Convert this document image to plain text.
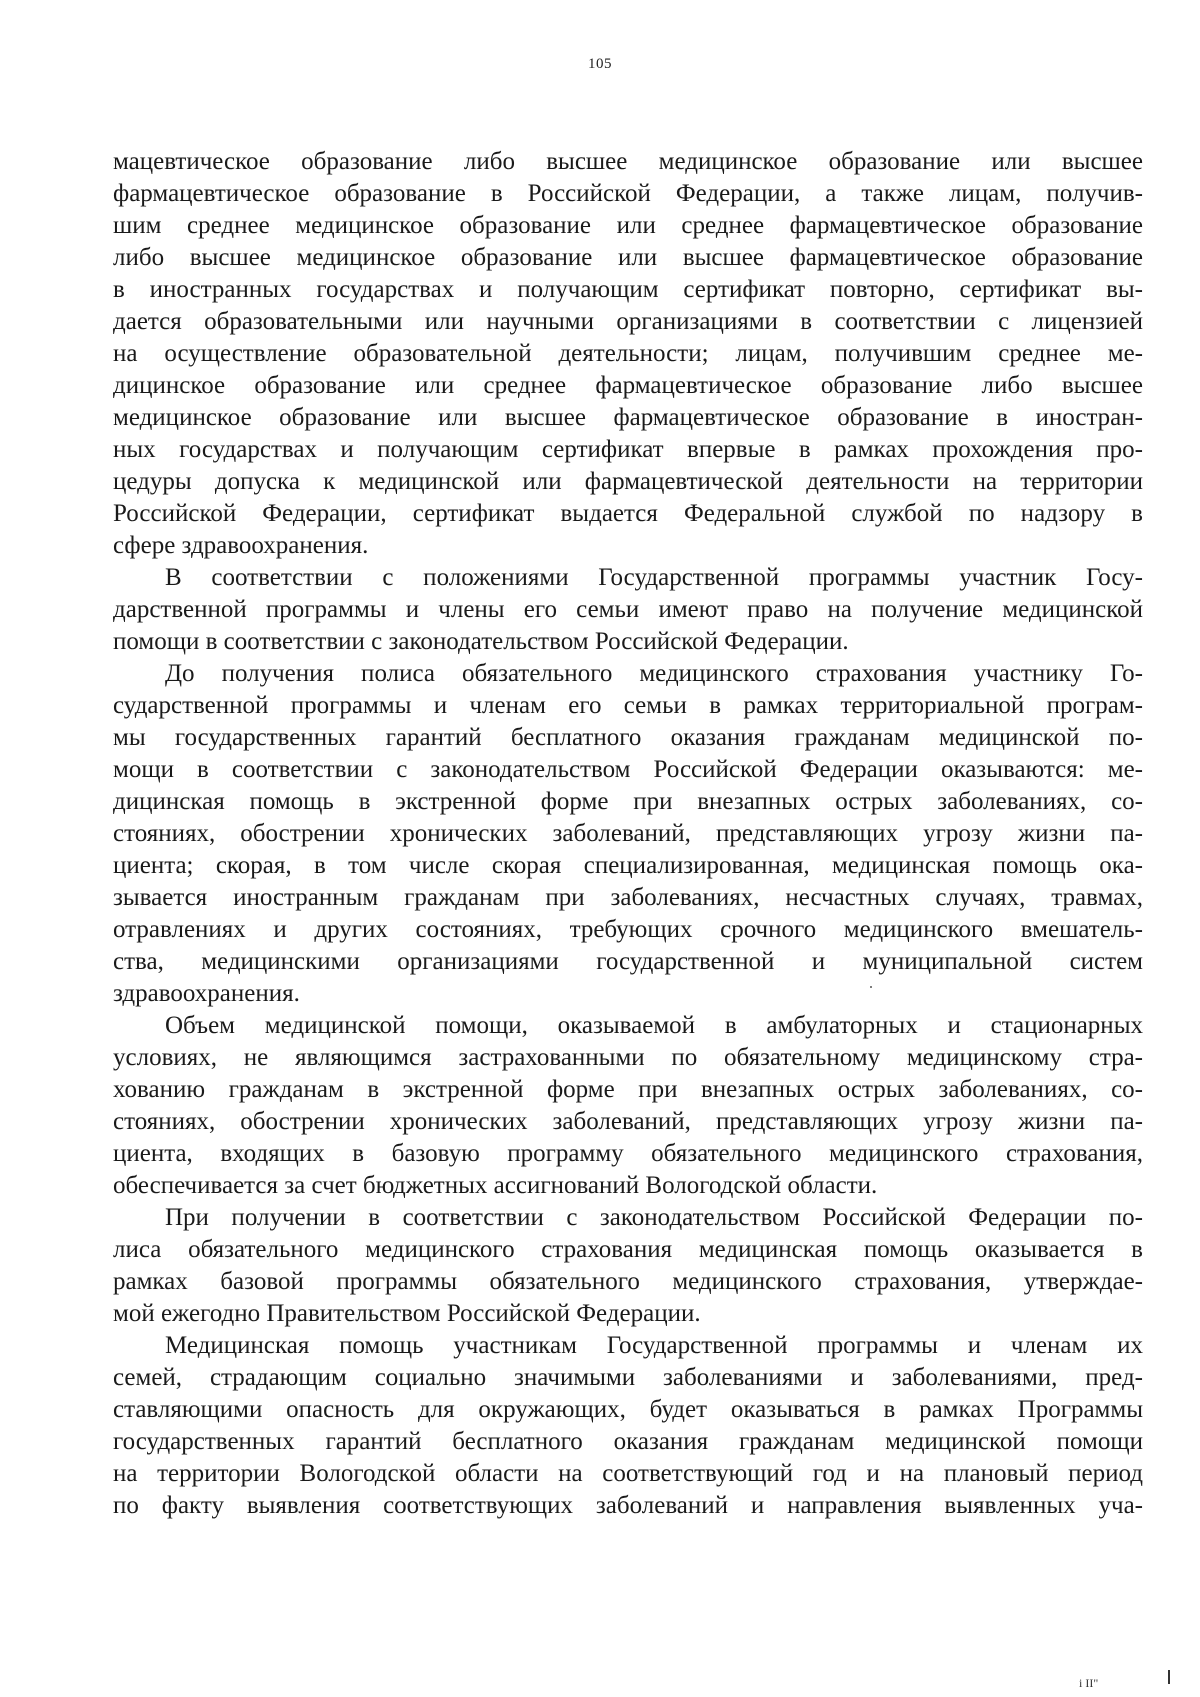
105
мацевтическое образование либо высшее медицинское образование или высшее
фармацевтическое образование в Российской Федерации, а также лицам, получив-
шим среднее медицинское образование или среднее фармацевтическое образование
либо высшее медицинское образование или высшее фармацевтическое образование
в иностранных государствах и получающим сертификат повторно, сертификат вы-
дается образовательными или научными организациями в соответствии с лицензией
на осуществление образовательной деятельности; лицам, получившим среднее ме-
дицинское образование или среднее фармацевтическое образование либо высшее
медицинское образование или высшее фармацевтическое образование в иностран-
ных государствах и получающим сертификат впервые в рамках прохождения про-
цедуры допуска к медицинской или фармацевтической деятельности на территории
Российской Федерации, сертификат выдается Федеральной службой по надзору в
сфере здравоохранения.
В соответствии с положениями Государственной программы участник Госу-
дарственной программы и члены его семьи имеют право на получение медицинской
помощи в соответствии с законодательством Российской Федерации.
До получения полиса обязательного медицинского страхования участнику Го-
сударственной программы и членам его семьи в рамках территориальной програм-
мы государственных гарантий бесплатного оказания гражданам медицинской по-
мощи в соответствии с законодательством Российской Федерации оказываются: ме-
дицинская помощь в экстренной форме при внезапных острых заболеваниях, со-
стояниях, обострении хронических заболеваний, представляющих угрозу жизни па-
циента; скорая, в том числе скорая специализированная, медицинская помощь ока-
зывается иностранным гражданам при заболеваниях, несчастных случаях, травмах,
отравлениях и других состояниях, требующих срочного медицинского вмешатель-
ства, медицинскими организациями государственной и муниципальной систем
здравоохранения.
Объем медицинской помощи, оказываемой в амбулаторных и стационарных
условиях, не являющимся застрахованными по обязательному медицинскому стра-
хованию гражданам в экстренной форме при внезапных острых заболеваниях, со-
стояниях, обострении хронических заболеваний, представляющих угрозу жизни па-
циента, входящих в базовую программу обязательного медицинского страхования,
обеспечивается за счет бюджетных ассигнований Вологодской области.
При получении в соответствии с законодательством Российской Федерации по-
лиса обязательного медицинского страхования медицинская помощь оказывается в
рамках базовой программы обязательного медицинского страхования, утверждае-
мой ежегодно Правительством Российской Федерации.
Медицинская помощь участникам Государственной программы и членам их
семей, страдающим социально значимыми заболеваниями и заболеваниями, пред-
ставляющими опасность для окружающих, будет оказываться в рамках Программы
государственных гарантий бесплатного оказания гражданам медицинской помощи
на территории Вологодской области на соответствующий год и на плановый период
по факту выявления соответствующих заболеваний и направления выявленных уча-
i II"
